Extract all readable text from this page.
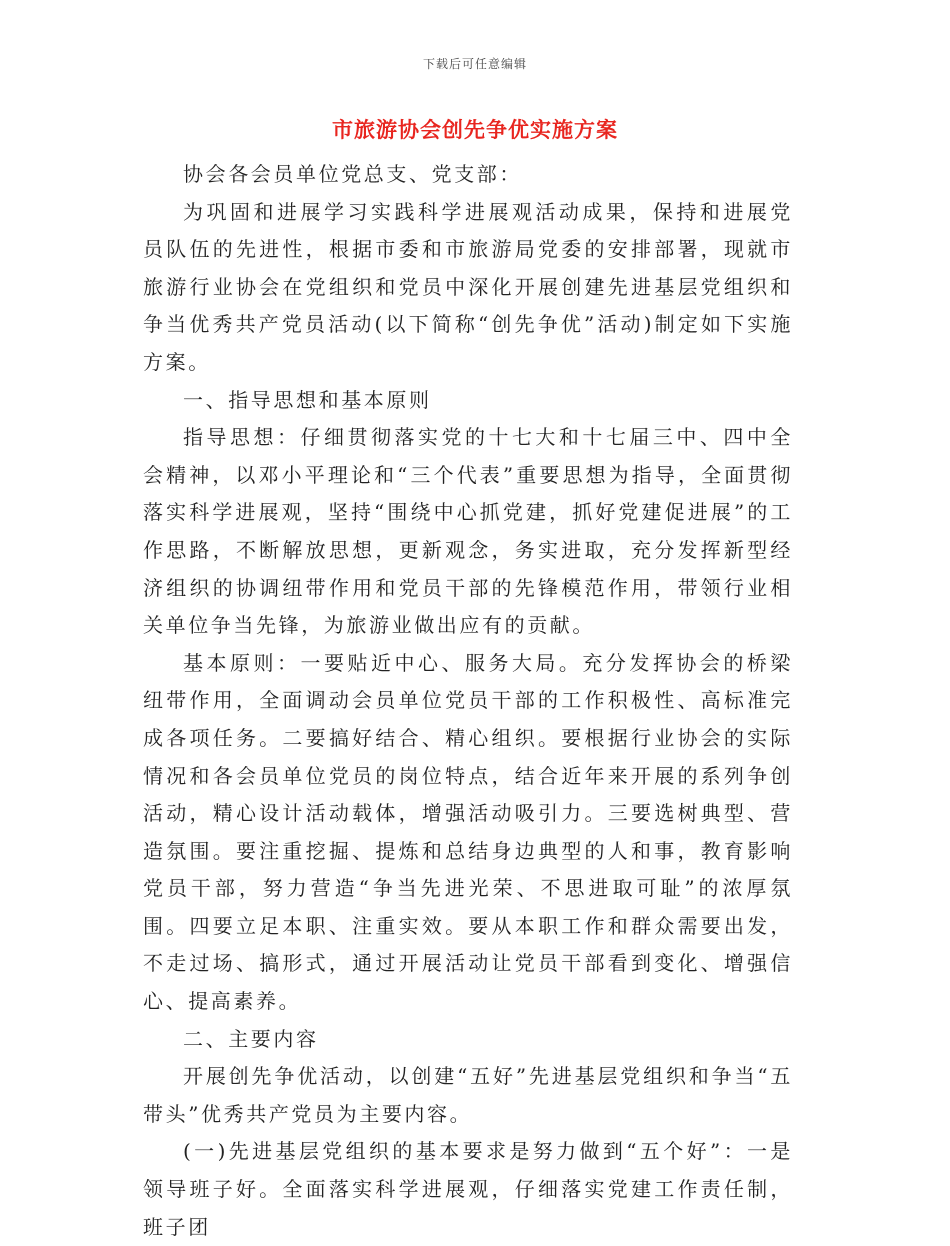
下载后可任意编辑
市旅游协会创先争优实施方案

协会各会员单位党总支、党支部：

为巩固和进展学习实践科学进展观活动成果，保持和进展党员队伍的先进性，根据市委和市旅游局党委的安排部署，现就市旅游行业协会在党组织和党员中深化开展创建先进基层党组织和争当优秀共产党员活动(以下简称“创先争优”活动)制定如下实施方案。

一、指导思想和基本原则

指导思想：仔细贯彻落实党的十七大和十七届三中、四中全会精神，以邓小平理论和“三个代表”重要思想为指导，全面贯彻落实科学进展观，坚持“围绕中心抓党建，抓好党建促进展”的工作思路，不断解放思想，更新观念，务实进取，充分发挥新型经济组织的协调纽带作用和党员干部的先锋模范作用，带领行业相关单位争当先锋，为旅游业做出应有的贡献。

基本原则：一要贴近中心、服务大局。充分发挥协会的桥梁纽带作用，全面调动会员单位党员干部的工作积极性、高标准完成各项任务。二要搞好结合、精心组织。要根据行业协会的实际情况和各会员单位党员的岗位特点，结合近年来开展的系列争创活动，精心设计活动载体，增强活动吸引力。三要选树典型、营造氛围。要注重挖掘、提炼和总结身边典型的人和事，教育影响党员干部，努力营造“争当先进光荣、不思进取可耻”的浓厚氛围。四要立足本职、注重实效。要从本职工作和群众需要出发，不走过场、搞形式，通过开展活动让党员干部看到变化、增强信心、提高素养。

二、主要内容

开展创先争优活动，以创建“五好”先进基层党组织和争当“五带头”优秀共产党员为主要内容。

(一)先进基层党组织的基本要求是努力做到“五个好”：一是领导班子好。全面落实科学进展观，仔细落实党建工作责任制，班子团
